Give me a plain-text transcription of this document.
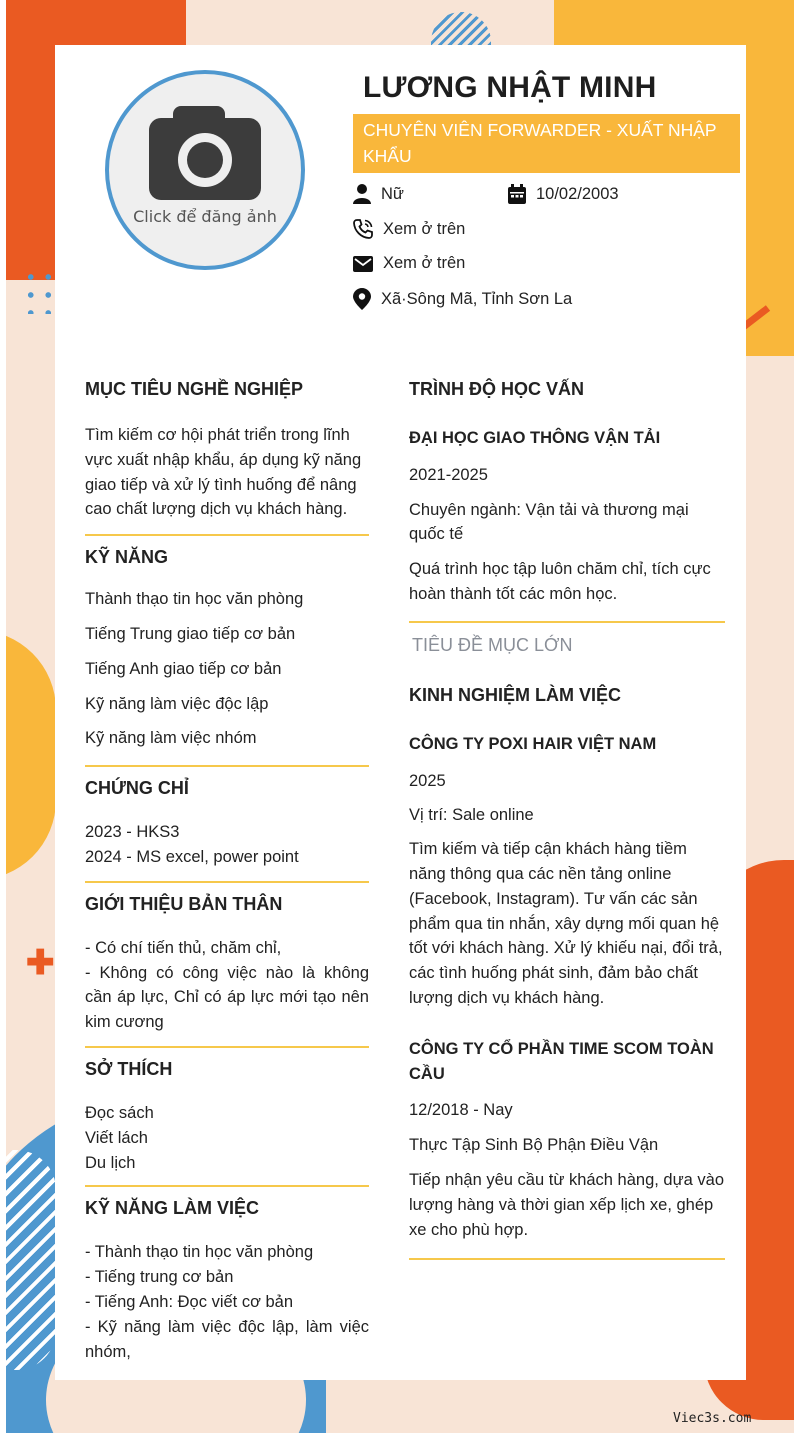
✚
Click để đăng ảnh
LƯƠNG NHẬT MINH
CHUYÊN VIÊN FORWARDER - XUẤT NHẬP KHẨU
Nữ	10/02/2003
Xem ở trên
Xem ở trên
Xã·Sông Mã, Tỉnh Sơn La
MỤC TIÊU NGHỀ NGHIỆP
Tìm kiếm cơ hội phát triển trong lĩnh vực xuất nhập khẩu, áp dụng kỹ năng giao tiếp và xử lý tình huống để nâng cao chất lượng dịch vụ khách hàng.
KỸ NĂNG
Thành thạo tin học văn phòng
Tiếng Trung giao tiếp cơ bản
Tiếng Anh giao tiếp cơ bản
Kỹ năng làm việc độc lập
Kỹ năng làm việc nhóm
CHỨNG CHỈ
2023 - HKS3
2024 - MS excel, power point
GIỚI THIỆU BẢN THÂN
- Có chí tiến thủ, chăm chỉ,
- Không có công việc nào là không cần áp lực, Chỉ có áp lực mới tạo nên kim cương
SỞ THÍCH
Đọc sách
Viết lách
Du lịch
KỸ NĂNG LÀM VIỆC
- Thành thạo tin học văn phòng
- Tiếng trung cơ bản
- Tiếng Anh: Đọc viết cơ bản
- Kỹ năng làm việc độc lập, làm việc nhóm,
TRÌNH ĐỘ HỌC VẤN
ĐẠI HỌC GIAO THÔNG VẬN TẢI
2021-2025
Chuyên ngành: Vận tải và thương mại quốc tế
Quá trình học tập luôn chăm chỉ, tích cực hoàn thành tốt các môn học.
TIÊU ĐỀ MỤC LỚN
KINH NGHIỆM LÀM VIỆC
CÔNG TY POXI HAIR VIỆT NAM
2025
Vị trí: Sale online
Tìm kiếm và tiếp cận khách hàng tiềm năng thông qua các nền tảng online (Facebook, Instagram). Tư vấn các sản phẩm qua tin nhắn, xây dựng mối quan hệ tốt với khách hàng. Xử lý khiếu nại, đổi trả, các tình huống phát sinh, đảm bảo chất lượng dịch vụ khách hàng.
CÔNG TY CỔ PHẦN TIME SCOM TOÀN CẦU
12/2018 - Nay
Thực Tập Sinh Bộ Phận Điều Vận
Tiếp nhận yêu cầu từ khách hàng, dựa vào lượng hàng và thời gian xếp lịch xe, ghép xe cho phù hợp.
Viec3s.com
